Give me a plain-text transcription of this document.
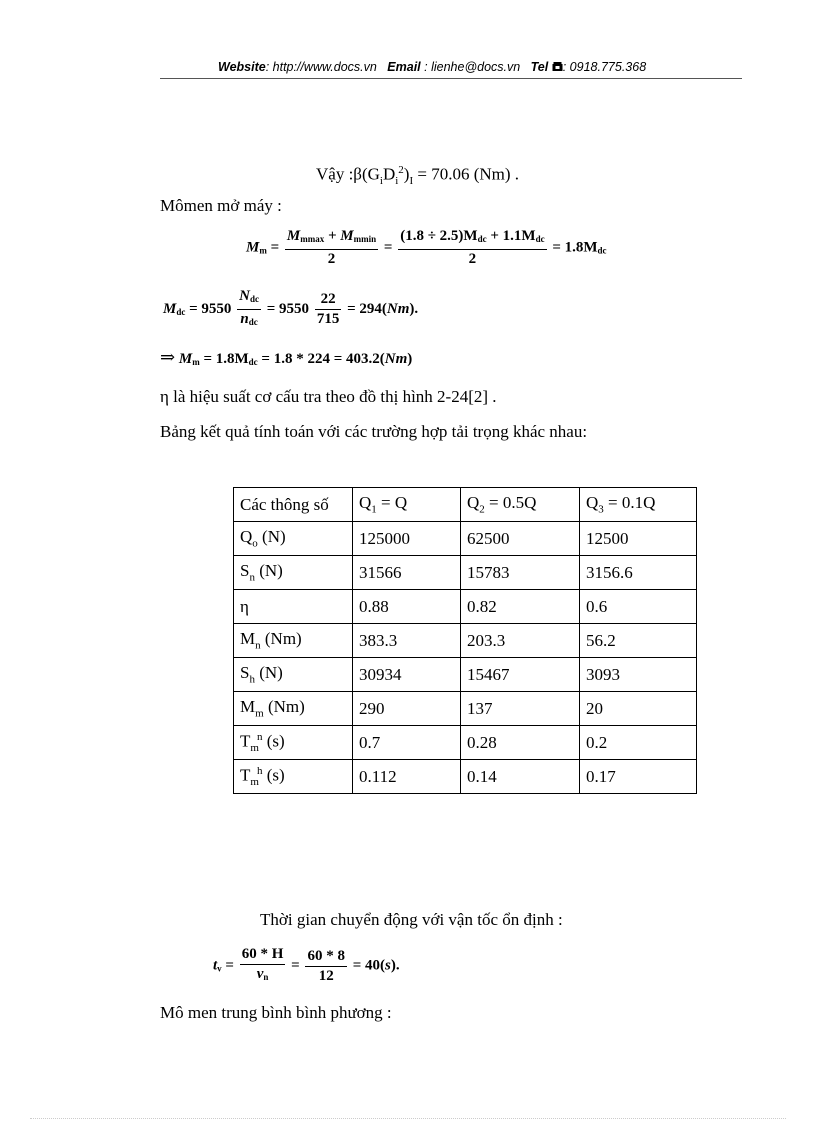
Website: http://www.docs.vn Email : lienhe@docs.vn Tel : 0918.775.368
Vậy $:\beta(G_iD_i^2)_I = 70.06$ (Nm) .
Mômen mở máy :
$Mm = \frac{Mmmax + Mmmin}{2} = \frac{\text{(1.8 ÷ 2.5)Mdc + 1.1Mdc}}{2} = 1.8Mdc$
Mdc = $9550 \frac{\text{Ndc}}{\text{ndc}} = 9550 \frac{22}{715} = 294(Nm)$.
⇒ Mm = 1.8Mdc = 1.8 * 224 = 403.2(Nm)
η là hiệu suất cơ cấu tra theo đồ thị hình 2-24[2] .
Bảng kết quả tính toán với các trường hợp tải trọng khác nhau:
Các thông số	$Q_1 = Q$	$Q_2 = 0.5Q$	$Q_3 = 0.1Q$
$Q_o$ (N)	125000	62500	12500
$S_n$ (N)	31566	15783	3156.6
η	0.88	0.82	0.6
$M_n$ (Nm)	383.3	203.3	56.2
$S_h$ (N)	30934	15467	3093
$M_m$ (Nm)	290	137	20
$T_m^n$ (s)	0.7	0.28	0.2
$T_m^h$ (s)	0.112	0.14	0.17
Thời gian chuyển động với vận tốc ổn định :
tv = $\frac{60 * H}{vn} = \frac{60 * 8}{12} = 40(s)$.
Mô men trung bình bình phương :
